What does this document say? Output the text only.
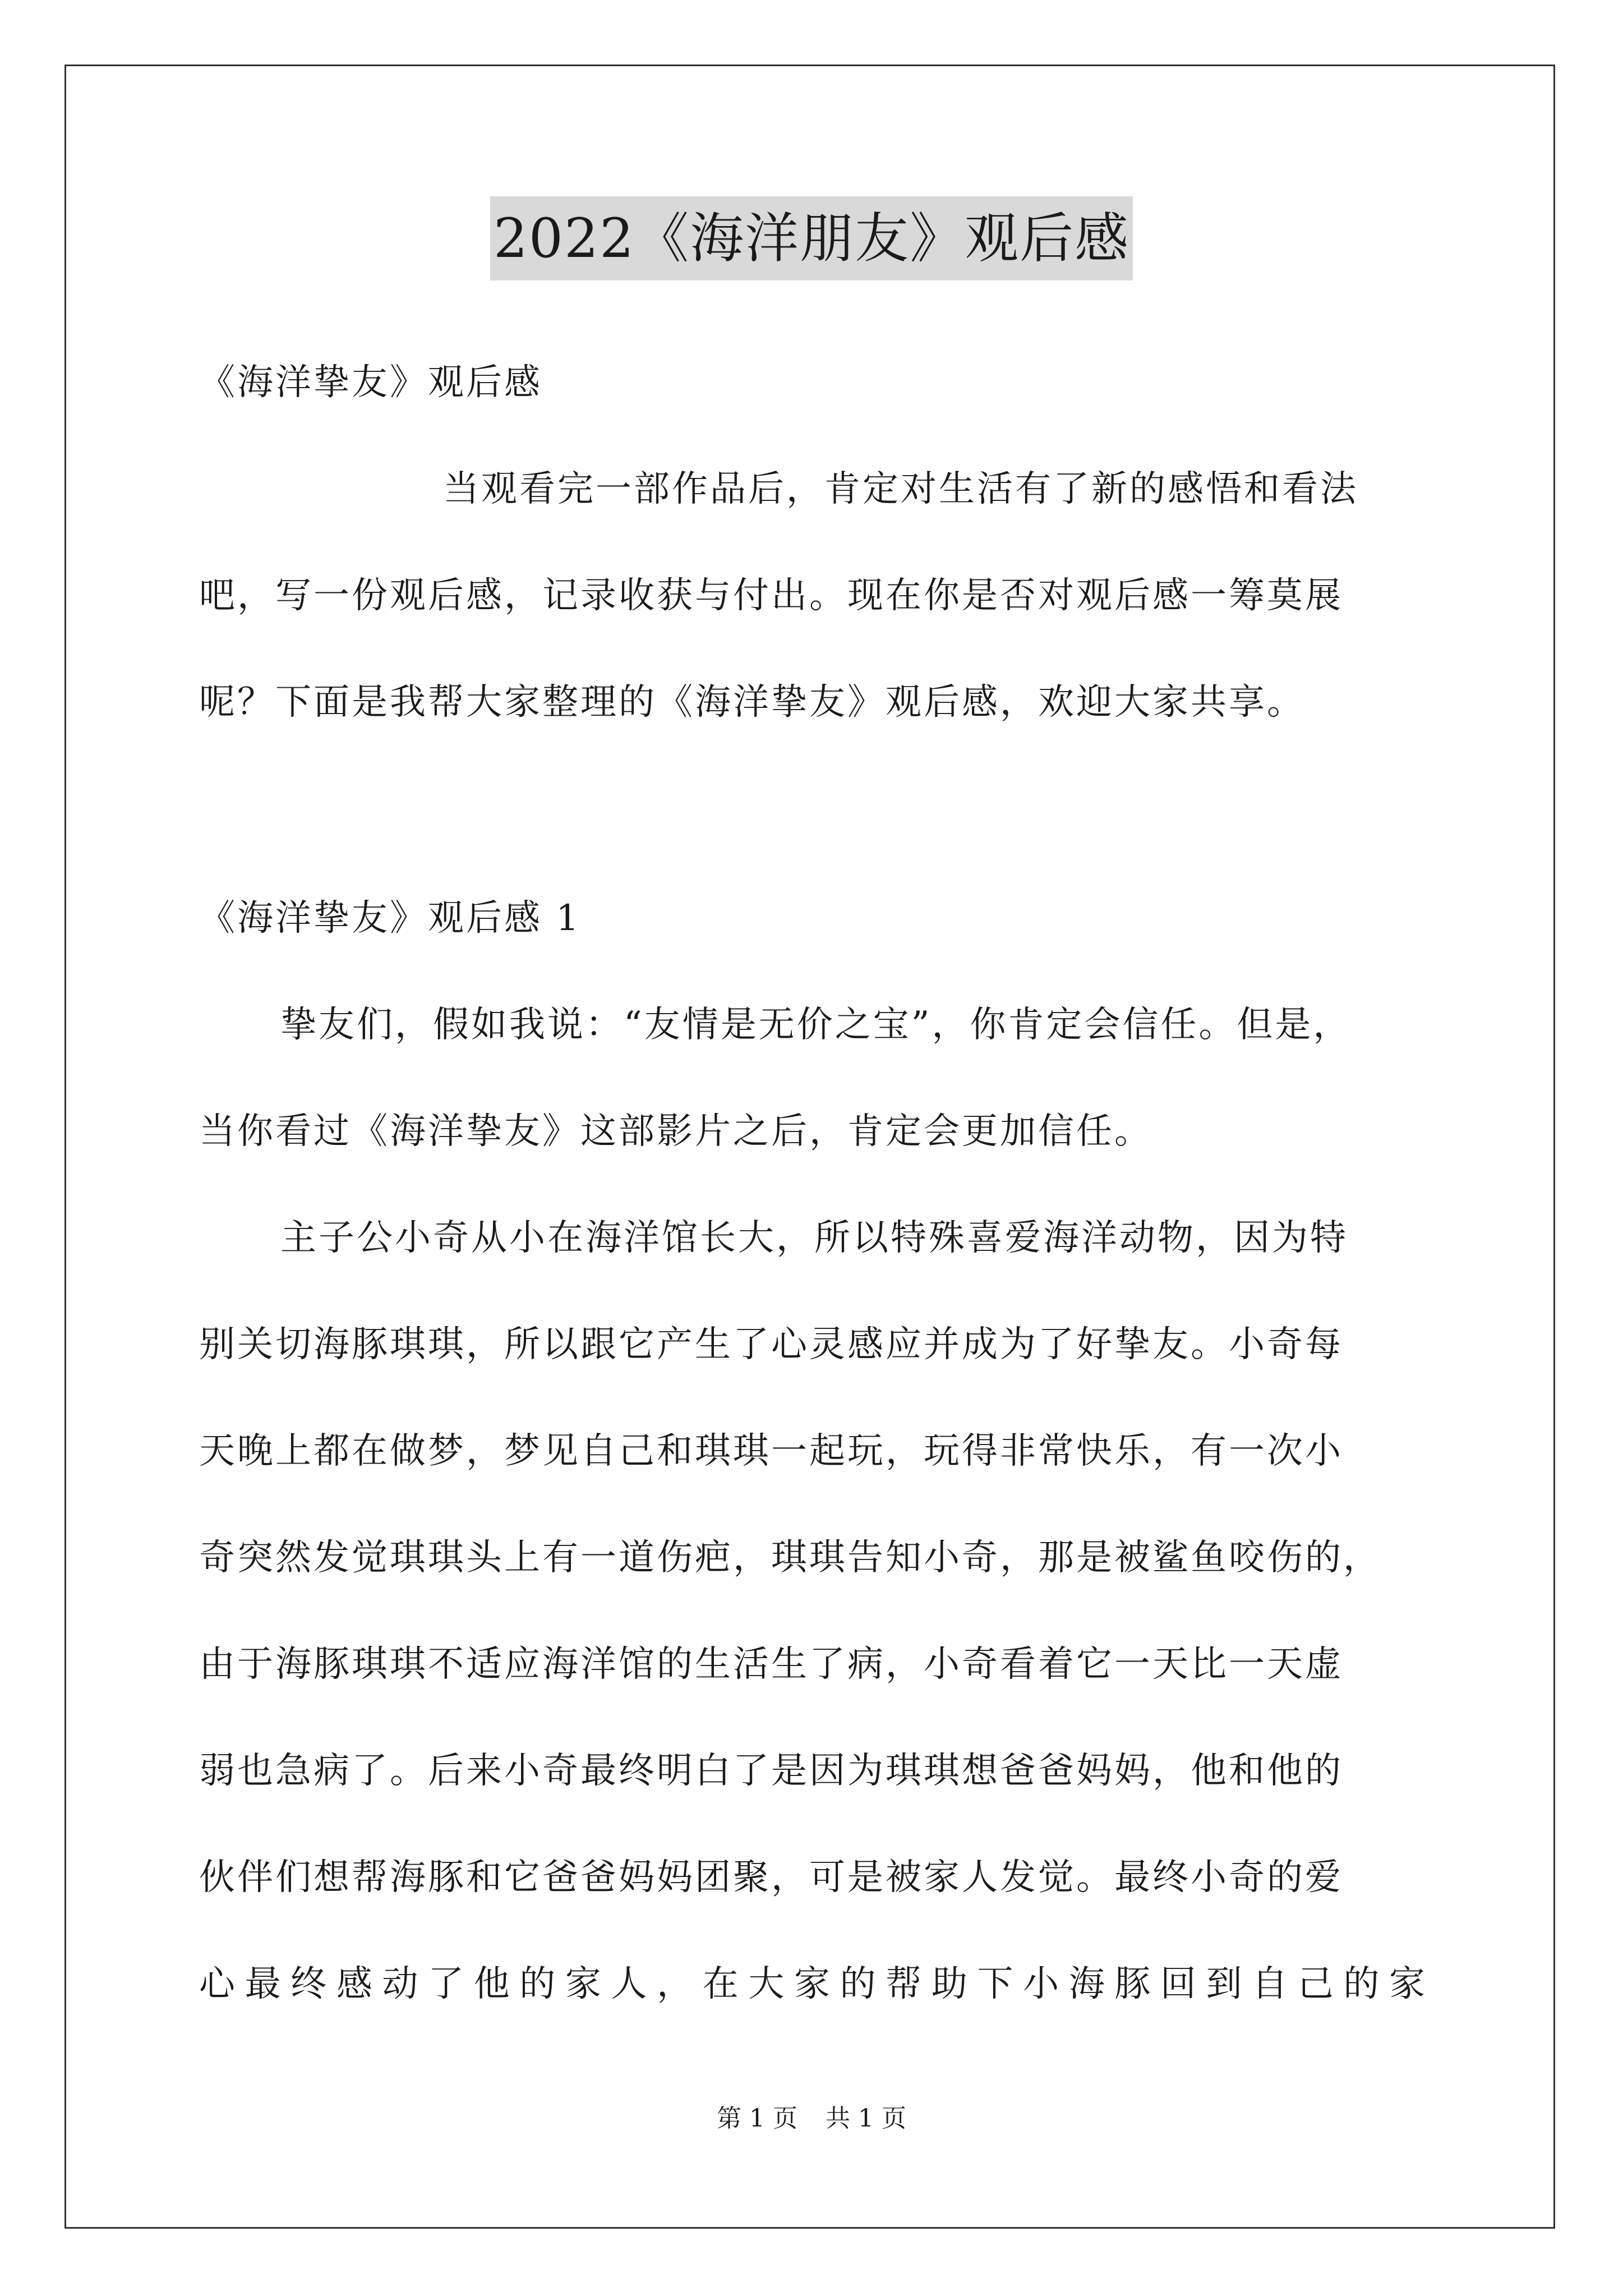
2022《海洋朋友》观后感
《海洋挚友》观后感
当观看完一部作品后，肯定对生活有了新的感悟和看法
吧，写一份观后感，记录收获与付出。现在你是否对观后感一筹莫展
呢？下面是我帮大家整理的《海洋挚友》观后感，欢迎大家共享。
《海洋挚友》观后感 1
挚友们，假如我说：“友情是无价之宝”，你肯定会信任。但是，
当你看过《海洋挚友》这部影片之后，肯定会更加信任。
主子公小奇从小在海洋馆长大，所以特殊喜爱海洋动物，因为特
别关切海豚琪琪，所以跟它产生了心灵感应并成为了好挚友。小奇每
天晚上都在做梦，梦见自己和琪琪一起玩，玩得非常快乐，有一次小
奇突然发觉琪琪头上有一道伤疤，琪琪告知小奇，那是被鲨鱼咬伤的，
由于海豚琪琪不适应海洋馆的生活生了病，小奇看着它一天比一天虚
弱也急病了。后来小奇最终明白了是因为琪琪想爸爸妈妈，他和他的
伙伴们想帮海豚和它爸爸妈妈团聚，可是被家人发觉。最终小奇的爱
心最终感动了他的家人，在大家的帮助下小海豚回到自己的家
第 1 页 共 1 页
